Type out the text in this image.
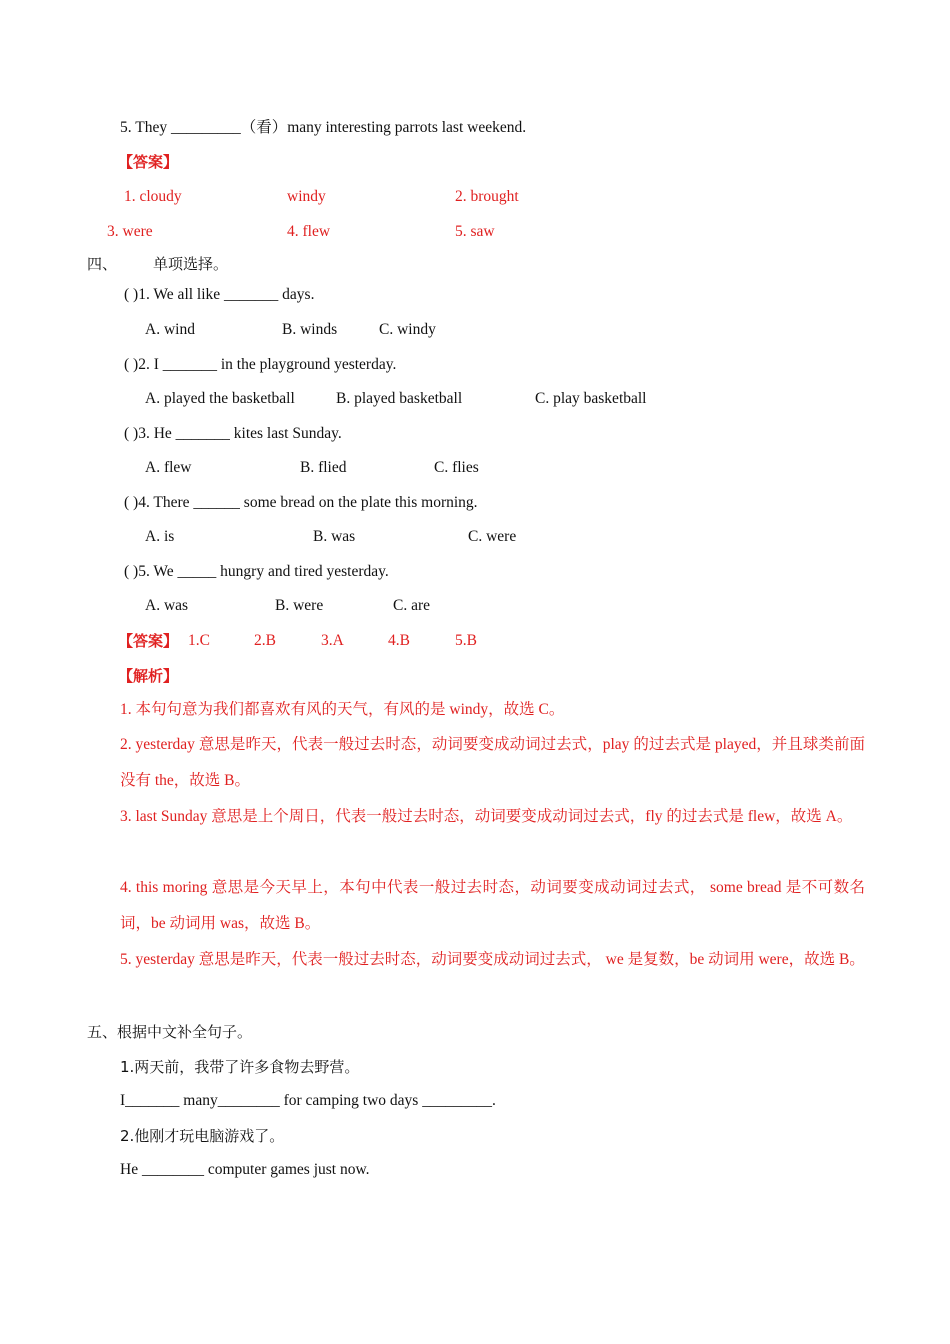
5. They _________（看）many interesting parrots last weekend.
【答案】
1. cloudy	windy	2. brought
3. were	4. flew	5. saw
四、 单项选择。
( )1. We all like _______ days.
A. wind	B. winds	C. windy
( )2. I _______ in the playground yesterday.
A. played the basketball	B. played basketball	C. play basketball
( )3. He _______ kites last Sunday.
A. flew	B. flied	C. flies
( )4. There ______ some bread on the plate this morning.
A. is	B. was	C. were
( )5. We _____ hungry and tired yesterday.
A. was	B. were	C. are
【答案】 1.C	2.B	3.A	4.B	5.B
【解析】
1. 本句句意为我们都喜欢有风的天气，有风的是 windy，故选 C。
2. yesterday 意思是昨天，代表一般过去时态，动词要变成动词过去式，play 的过去式是 played，并且球类前面没有 the，故选 B。
3. last Sunday 意思是上个周日，代表一般过去时态，动词要变成动词过去式，fly 的过去式是 flew，故选 A。
4. this moring 意思是今天早上，本句中代表一般过去时态，动词要变成动词过去式， some bread 是不可数名词，be 动词用 was，故选 B。
5. yesterday 意思是昨天，代表一般过去时态，动词要变成动词过去式， we 是复数，be 动词用 were，故选 B。
五、根据中文补全句子。
1.两天前，我带了许多食物去野营。
I_______ many________ for camping two days _________.
2.他刚才玩电脑游戏了。
He ________ computer games just now.
